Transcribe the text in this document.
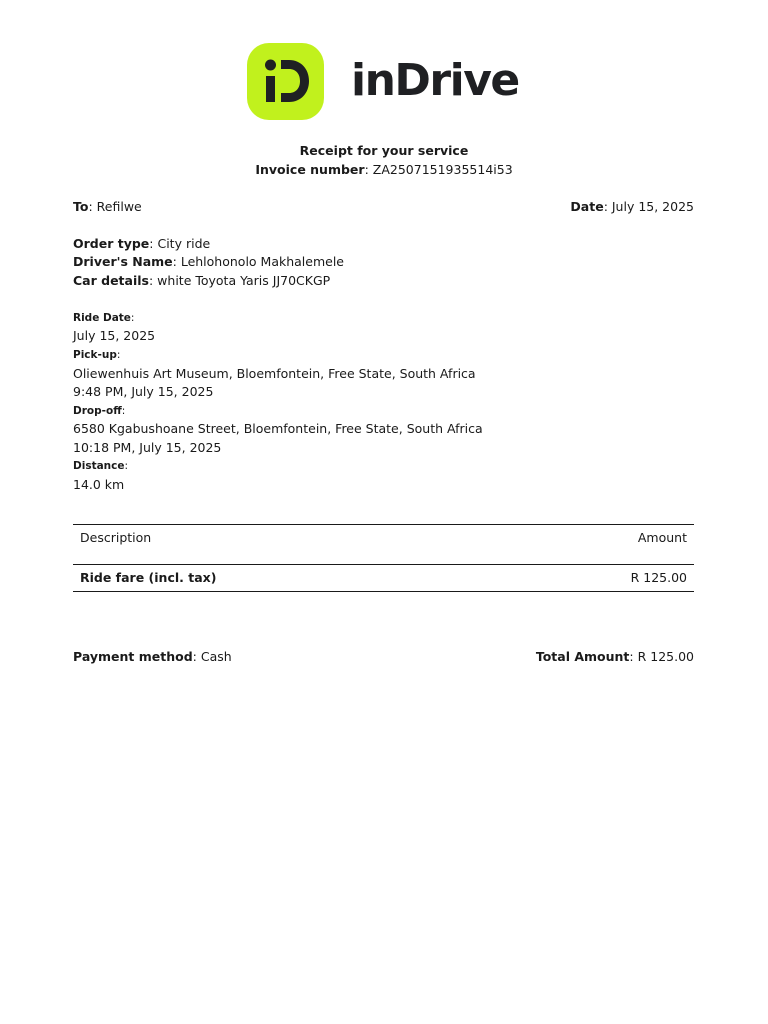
inDrive
Receipt for your service
Invoice number: ZA2507151935514i53
To: Refilwe	Date: July 15, 2025
Order type: City ride
Driver's Name: Lehlohonolo Makhalemele
Car details: white Toyota Yaris JJ70CKGP
Ride Date:
July 15, 2025
Pick-up:
Oliewenhuis Art Museum, Bloemfontein, Free State, South Africa
9:48 PM, July 15, 2025
Drop-off:
6580 Kgabushoane Street, Bloemfontein, Free State, South Africa
10:18 PM, July 15, 2025
Distance:
14.0 km
Description	Amount
Ride fare (incl. tax)	R 125.00
Payment method: Cash	Total Amount: R 125.00
